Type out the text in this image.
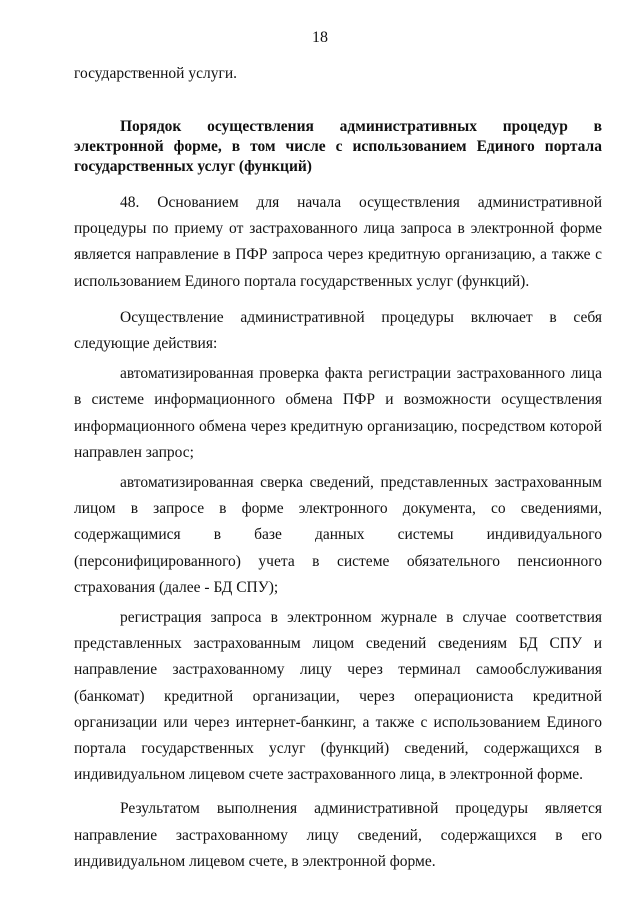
18
государственной услуги.
Порядок осуществления административных процедур в электронной форме, в том числе с использованием Единого портала государственных услуг (функций)

48. Основанием для начала осуществления административной процедуры по приему от застрахованного лица запроса в электронной форме является направление в ПФР запроса через кредитную организацию, а также с использованием Единого портала государственных услуг (функций).

Осуществление административной процедуры включает в себя следующие действия:

автоматизированная проверка факта регистрации застрахованного лица в системе информационного обмена ПФР и возможности осуществления информационного обмена через кредитную организацию, посредством которой направлен запрос;

автоматизированная сверка сведений, представленных застрахованным лицом в запросе в форме электронного документа, со сведениями, содержащимися в базе данных системы индивидуального (персонифицированного) учета в системе обязательного пенсионного страхования (далее - БД СПУ);

регистрация запроса в электронном журнале в случае соответствия представленных застрахованным лицом сведений сведениям БД СПУ и направление застрахованному лицу через терминал самообслуживания (банкомат) кредитной организации, через операциониста кредитной организации или через интернет-банкинг, а также с использованием Единого портала государственных услуг (функций) сведений, содержащихся в индивидуальном лицевом счете застрахованного лица, в электронной форме.

Результатом выполнения административной процедуры является направление застрахованному лицу сведений, содержащихся в его индивидуальном лицевом счете, в электронной форме.
